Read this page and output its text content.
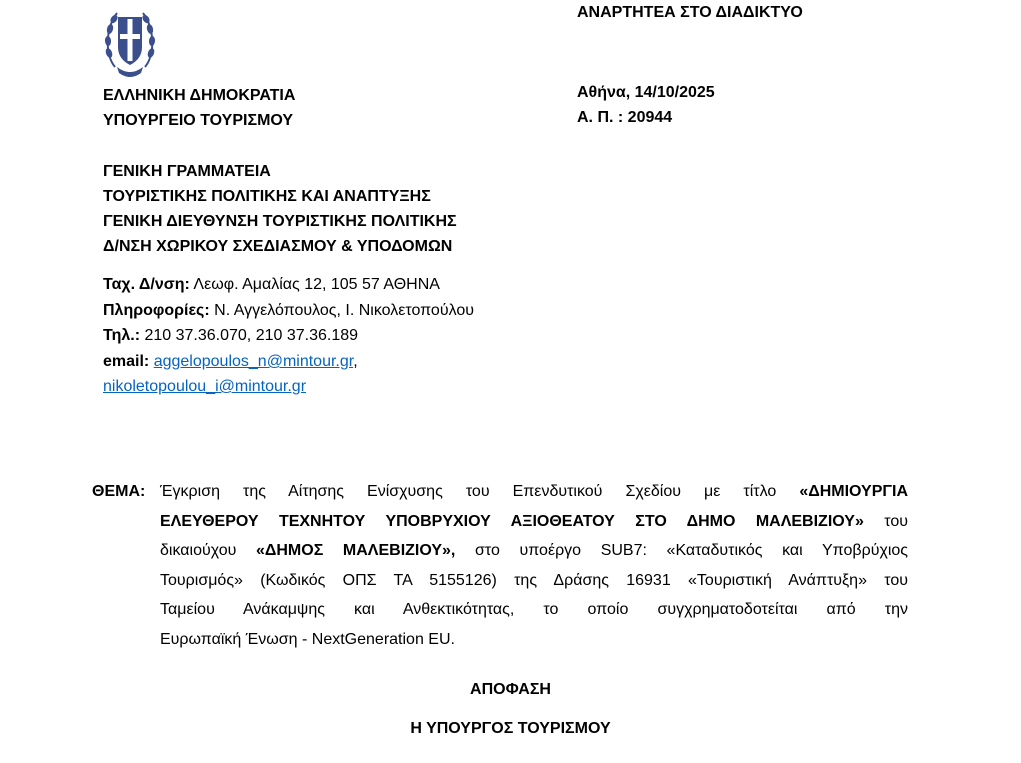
ΑΝΑΡΤΗΤΕΑ ΣΤΟ ΔΙΑΔΙΚΤΥΟ
Αθήνα, 14/10/2025
Α. Π. : 20944
ΕΛΛΗΝΙΚΗ ΔΗΜΟΚΡΑΤΙΑ
ΥΠΟΥΡΓΕΙΟ ΤΟΥΡΙΣΜΟΥ
ΓΕΝΙΚΗ ΓΡΑΜΜΑΤΕΙΑ
ΤΟΥΡΙΣΤΙΚΗΣ ΠΟΛΙΤΙΚΗΣ ΚΑΙ ΑΝΑΠΤΥΞΗΣ
ΓΕΝΙΚΗ ΔΙΕΥΘΥΝΣΗ ΤΟΥΡΙΣΤΙΚΗΣ ΠΟΛΙΤΙΚΗΣ
Δ/ΝΣΗ ΧΩΡΙΚΟΥ ΣΧΕΔΙΑΣΜΟΥ & ΥΠΟΔΟΜΩΝ
Ταχ. Δ/νση: Λεωφ. Αμαλίας 12, 105 57 ΑΘΗΝΑ
Πληροφορίες: Ν. Αγγελόπουλος, Ι. Νικολετοπούλου
Τηλ.: 210 37.36.070, 210 37.36.189
email: aggelopoulos_n@mintour.gr,
nikoletopoulou_i@mintour.gr
ΘΕΜΑ: Έγκριση της Αίτησης Ενίσχυσης του Επενδυτικού Σχεδίου με τίτλο «ΔΗΜΙΟΥΡΓΙΑ
ΕΛΕΥΘΕΡΟΥ ΤΕΧΝΗΤΟΥ ΥΠΟΒΡΥΧΙΟΥ ΑΞΙΟΘΕΑΤΟΥ ΣΤΟ ΔΗΜΟ ΜΑΛΕΒΙΖΙΟΥ» του
δικαιούχου «ΔΗΜΟΣ ΜΑΛΕΒΙΖΙΟΥ», στο υποέργο SUB7: «Καταδυτικός και Υποβρύχιος
Τουρισμός» (Κωδικός ΟΠΣ ΤΑ 5155126) της Δράσης 16931 «Τουριστική Ανάπτυξη» του
Ταμείου Ανάκαμψης και Ανθεκτικότητας, το οποίο συγχρηματοδοτείται από την
Ευρωπαϊκή Ένωση - NextGeneration EU.
ΑΠΟΦΑΣΗ
Η ΥΠΟΥΡΓΟΣ ΤΟΥΡΙΣΜΟΥ
